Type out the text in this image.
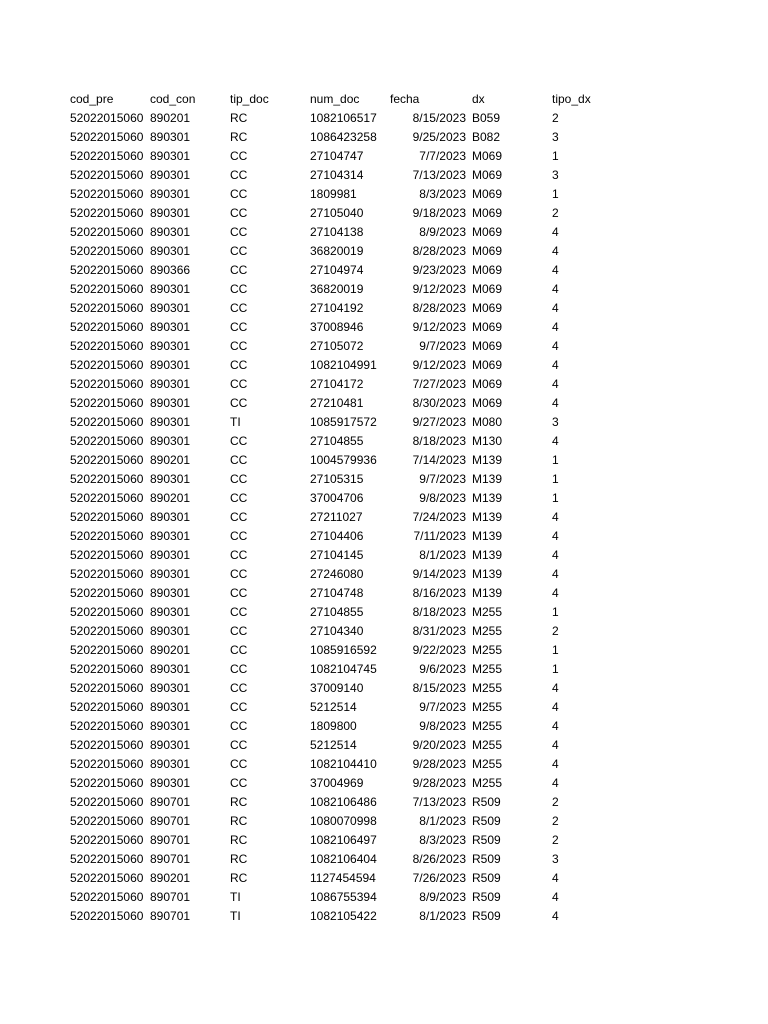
cod_pre	cod_con	tip_doc	num_doc	fecha	dx	tipo_dx
52022015060 890201	RC	1082106517	8/15/2023 B059	2
52022015060 890301	RC	1086423258	9/25/2023 B082	3
52022015060 890301	CC	27104747	7/7/2023 M069	1
52022015060 890301	CC	27104314	7/13/2023 M069	3
52022015060 890301	CC	1809981	8/3/2023 M069	1
52022015060 890301	CC	27105040	9/18/2023 M069	2
52022015060 890301	CC	27104138	8/9/2023 M069	4
52022015060 890301	CC	36820019	8/28/2023 M069	4
52022015060 890366	CC	27104974	9/23/2023 M069	4
52022015060 890301	CC	36820019	9/12/2023 M069	4
52022015060 890301	CC	27104192	8/28/2023 M069	4
52022015060 890301	CC	37008946	9/12/2023 M069	4
52022015060 890301	CC	27105072	9/7/2023 M069	4
52022015060 890301	CC	1082104991	9/12/2023 M069	4
52022015060 890301	CC	27104172	7/27/2023 M069	4
52022015060 890301	CC	27210481	8/30/2023 M069	4
52022015060 890301	TI	1085917572	9/27/2023 M080	3
52022015060 890301	CC	27104855	8/18/2023 M130	4
52022015060 890201	CC	1004579936	7/14/2023 M139	1
52022015060 890301	CC	27105315	9/7/2023 M139	1
52022015060 890201	CC	37004706	9/8/2023 M139	1
52022015060 890301	CC	27211027	7/24/2023 M139	4
52022015060 890301	CC	27104406	7/11/2023 M139	4
52022015060 890301	CC	27104145	8/1/2023 M139	4
52022015060 890301	CC	27246080	9/14/2023 M139	4
52022015060 890301	CC	27104748	8/16/2023 M139	4
52022015060 890301	CC	27104855	8/18/2023 M255	1
52022015060 890301	CC	27104340	8/31/2023 M255	2
52022015060 890201	CC	1085916592	9/22/2023 M255	1
52022015060 890301	CC	1082104745	9/6/2023 M255	1
52022015060 890301	CC	37009140	8/15/2023 M255	4
52022015060 890301	CC	5212514	9/7/2023 M255	4
52022015060 890301	CC	1809800	9/8/2023 M255	4
52022015060 890301	CC	5212514	9/20/2023 M255	4
52022015060 890301	CC	1082104410	9/28/2023 M255	4
52022015060 890301	CC	37004969	9/28/2023 M255	4
52022015060 890701	RC	1082106486	7/13/2023 R509	2
52022015060 890701	RC	1080070998	8/1/2023 R509	2
52022015060 890701	RC	1082106497	8/3/2023 R509	2
52022015060 890701	RC	1082106404	8/26/2023 R509	3
52022015060 890201	RC	1127454594	7/26/2023 R509	4
52022015060 890701	TI	1086755394	8/9/2023 R509	4
52022015060 890701	TI	1082105422	8/1/2023 R509	4
